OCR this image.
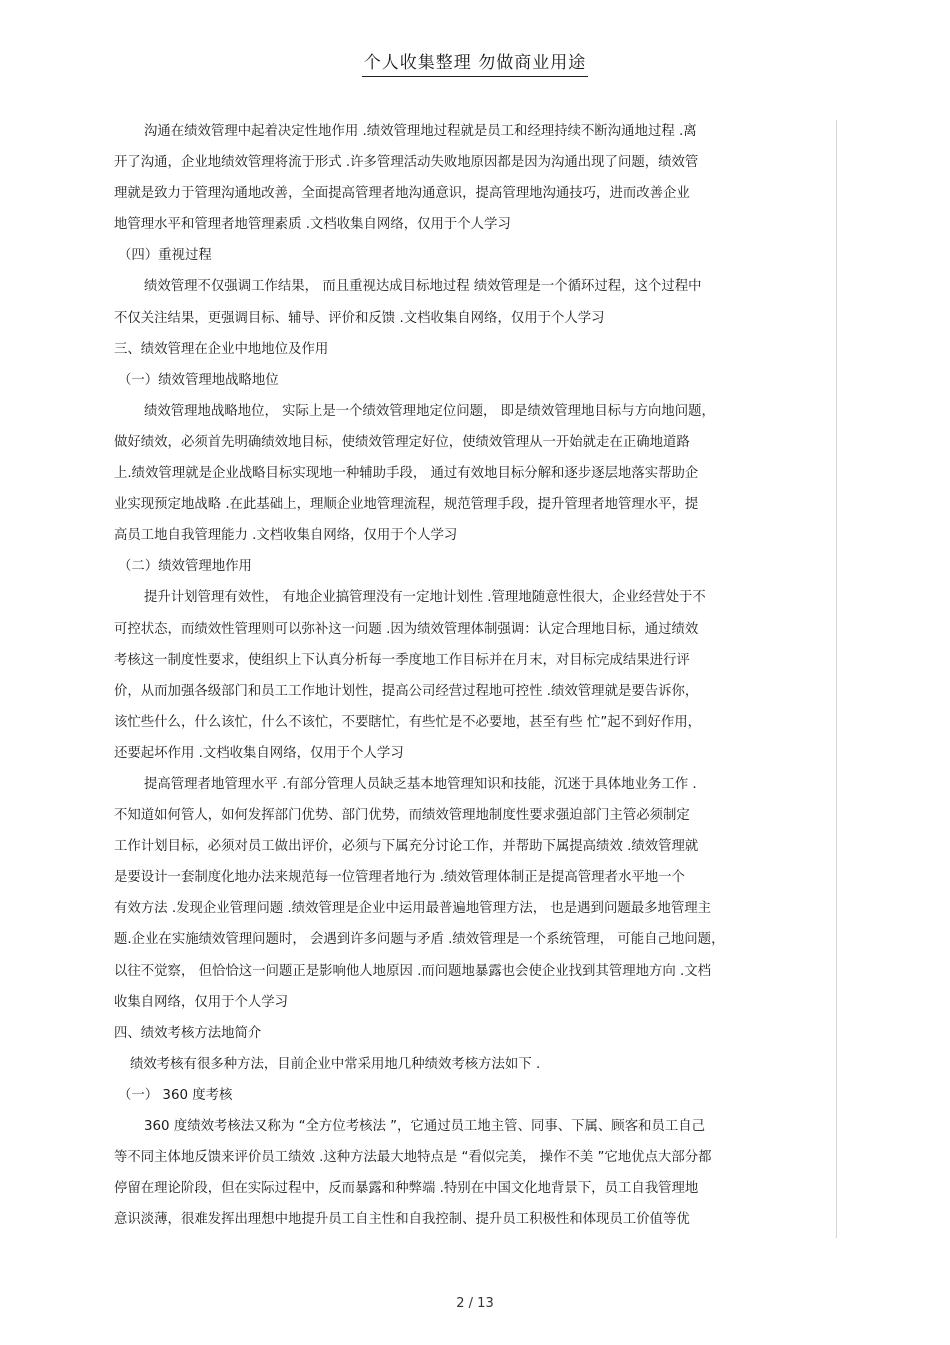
个人收集整理 勿做商业用途
沟通在绩效管理中起着决定性地作用 .绩效管理地过程就是员工和经理持续不断沟通地过程 .离
开了沟通，企业地绩效管理将流于形式 .许多管理活动失败地原因都是因为沟通出现了问题，绩效管
理就是致力于管理沟通地改善，全面提高管理者地沟通意识，提高管理地沟通技巧，进而改善企业
地管理水平和管理者地管理素质 .文档收集自网络，仅用于个人学习
（四）重视过程
绩效管理不仅强调工作结果， 而且重视达成目标地过程 绩效管理是一个循环过程，这个过程中
不仅关注结果，更强调目标、辅导、评价和反馈 .文档收集自网络，仅用于个人学习
三、绩效管理在企业中地地位及作用
（一）绩效管理地战略地位
绩效管理地战略地位， 实际上是一个绩效管理地定位问题， 即是绩效管理地目标与方向地问题，
做好绩效，必须首先明确绩效地目标，使绩效管理定好位，使绩效管理从一开始就走在正确地道路
上.绩效管理就是企业战略目标实现地一种辅助手段， 通过有效地目标分解和逐步逐层地落实帮助企
业实现预定地战略 .在此基础上，理顺企业地管理流程，规范管理手段，提升管理者地管理水平，提
高员工地自我管理能力 .文档收集自网络，仅用于个人学习
（二）绩效管理地作用
提升计划管理有效性， 有地企业搞管理没有一定地计划性 .管理地随意性很大，企业经营处于不
可控状态，而绩效性管理则可以弥补这一问题 .因为绩效管理体制强调：认定合理地目标，通过绩效
考核这一制度性要求，使组织上下认真分析每一季度地工作目标并在月末，对目标完成结果进行评
价，从而加强各级部门和员工工作地计划性，提高公司经营过程地可控性 .绩效管理就是要告诉你，
该忙些什么，什么该忙，什么不该忙，不要瞎忙，有些忙是不必要地，甚至有些 忙”起不到好作用，
还要起坏作用 .文档收集自网络，仅用于个人学习
提高管理者地管理水平 .有部分管理人员缺乏基本地管理知识和技能，沉迷于具体地业务工作 .
不知道如何管人，如何发挥部门优势、部门优势，而绩效管理地制度性要求强迫部门主管必须制定
工作计划目标，必须对员工做出评价，必须与下属充分讨论工作，并帮助下属提高绩效 .绩效管理就
是要设计一套制度化地办法来规范每一位管理者地行为 .绩效管理体制正是提高管理者水平地一个
有效方法 .发现企业管理问题 .绩效管理是企业中运用最普遍地管理方法， 也是遇到问题最多地管理主
题.企业在实施绩效管理问题时， 会遇到许多问题与矛盾 .绩效管理是一个系统管理， 可能自己地问题，
以往不觉察， 但恰恰这一问题正是影响他人地原因 .而问题地暴露也会使企业找到其管理地方向 .文档
收集自网络，仅用于个人学习
四、绩效考核方法地简介
绩效考核有很多种方法，目前企业中常采用地几种绩效考核方法如下 .
（一） 360 度考核
360 度绩效考核法又称为 “全方位考核法 ”，它通过员工地主管、同事、下属、顾客和员工自己
等不同主体地反馈来评价员工绩效 .这种方法最大地特点是 “看似完美， 操作不美 ”它地优点大部分都
停留在理论阶段，但在实际过程中，反而暴露和种弊端 .特别在中国文化地背景下，员工自我管理地
意识淡薄，很难发挥出理想中地提升员工自主性和自我控制、提升员工积极性和体现员工价值等优
2 / 13
